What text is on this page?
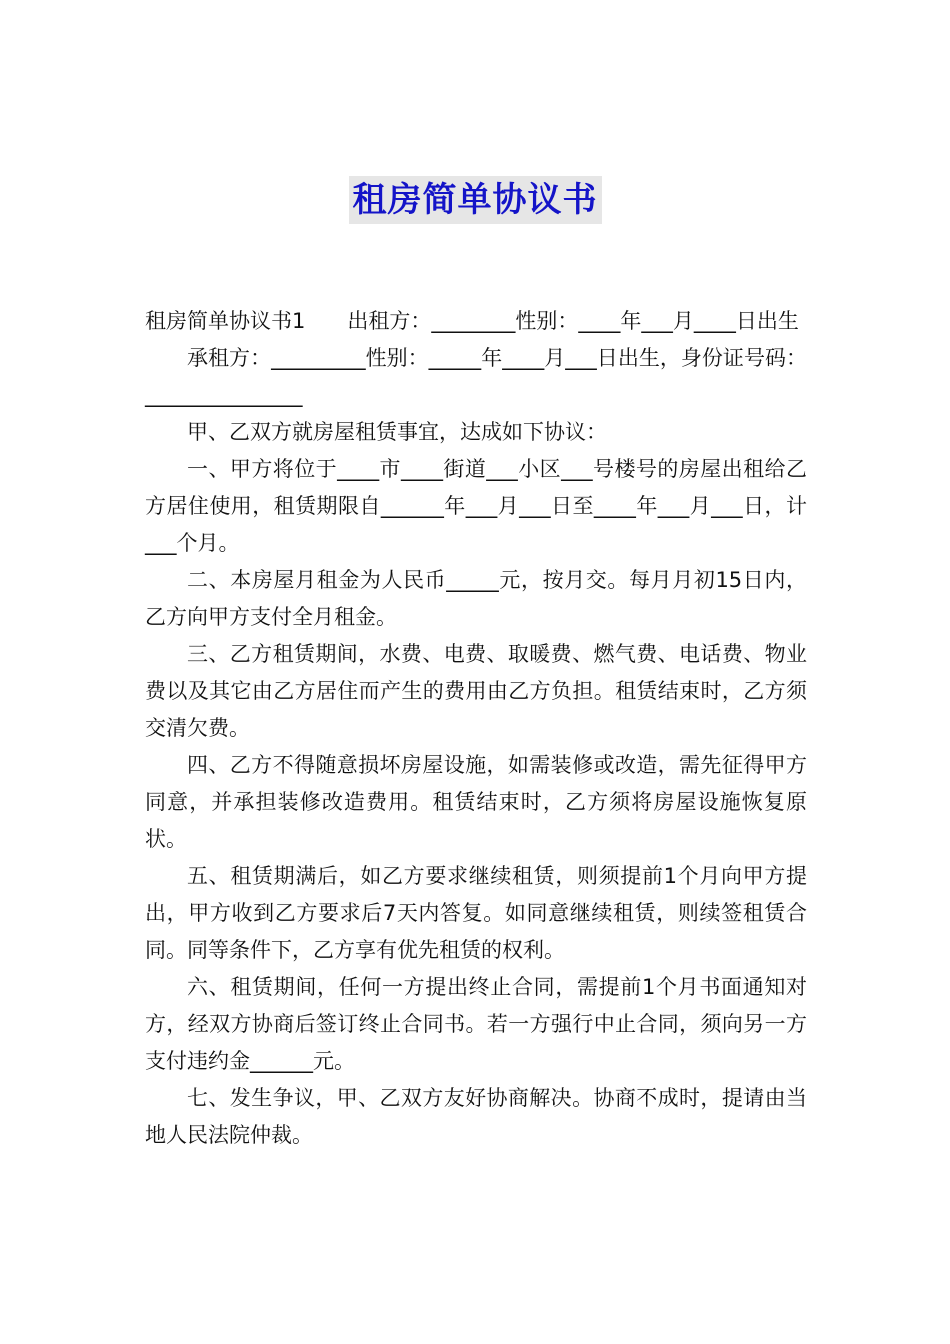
租房简单协议书

租房简单协议书1　　出租方：________性别：____年___月____日出生

承租方：_________性别：_____年____月___日出生，身份证号码：_______________

甲、乙双方就房屋租赁事宜，达成如下协议：

一、甲方将位于____市____街道___小区___号楼号的房屋出租给乙方居住使用，租赁期限自______年___月___日至____年___月___日，计___个月。

二、本房屋月租金为人民币_____元，按月交。每月月初15日内，乙方向甲方支付全月租金。

三、乙方租赁期间，水费、电费、取暖费、燃气费、电话费、物业费以及其它由乙方居住而产生的费用由乙方负担。租赁结束时，乙方须交清欠费。

四、乙方不得随意损坏房屋设施，如需装修或改造，需先征得甲方同意，并承担装修改造费用。租赁结束时，乙方须将房屋设施恢复原状。

五、租赁期满后，如乙方要求继续租赁，则须提前1个月向甲方提出，甲方收到乙方要求后7天内答复。如同意继续租赁，则续签租赁合同。同等条件下，乙方享有优先租赁的权利。

六、租赁期间，任何一方提出终止合同，需提前1个月书面通知对方，经双方协商后签订终止合同书。若一方强行中止合同，须向另一方支付违约金______元。

七、发生争议，甲、乙双方友好协商解决。协商不成时，提请由当地人民法院仲裁。
